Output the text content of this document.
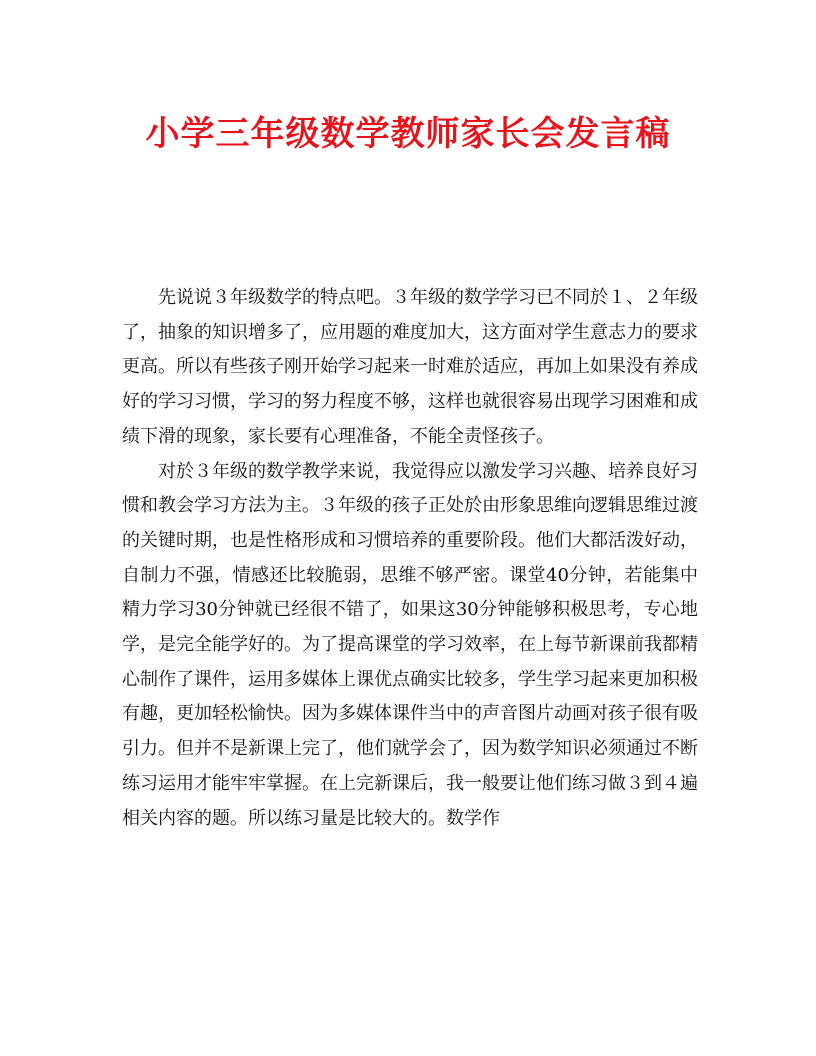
小学三年级数学教师家长会发言稿

先说说３年级数学的特点吧。３年级的数学学习已不同於１、２年级了，抽象的知识增多了，应用题的难度加大，这方面对学生意志力的要求更高。所以有些孩子刚开始学习起来一时难於适应，再加上如果没有养成好的学习习惯，学习的努力程度不够，这样也就很容易出现学习困难和成绩下滑的现象，家长要有心理准备，不能全责怪孩子。

对於３年级的数学教学来说，我觉得应以激发学习兴趣、培养良好习惯和教会学习方法为主。３年级的孩子正处於由形象思维向逻辑思维过渡的关键时期，也是性格形成和习惯培养的重要阶段。他们大都活泼好动，自制力不强，情感还比较脆弱，思维不够严密。课堂40分钟，若能集中精力学习30分钟就已经很不错了，如果这30分钟能够积极思考，专心地学，是完全能学好的。为了提高课堂的学习效率，在上每节新课前我都精心制作了课件，运用多媒体上课优点确实比较多，学生学习起来更加积极有趣，更加轻松愉快。因为多媒体课件当中的声音图片动画对孩子很有吸引力。但并不是新课上完了，他们就学会了，因为数学知识必须通过不断练习运用才能牢牢掌握。在上完新课后，我一般要让他们练习做３到４遍相关内容的题。所以练习量是比较大的。数学作
